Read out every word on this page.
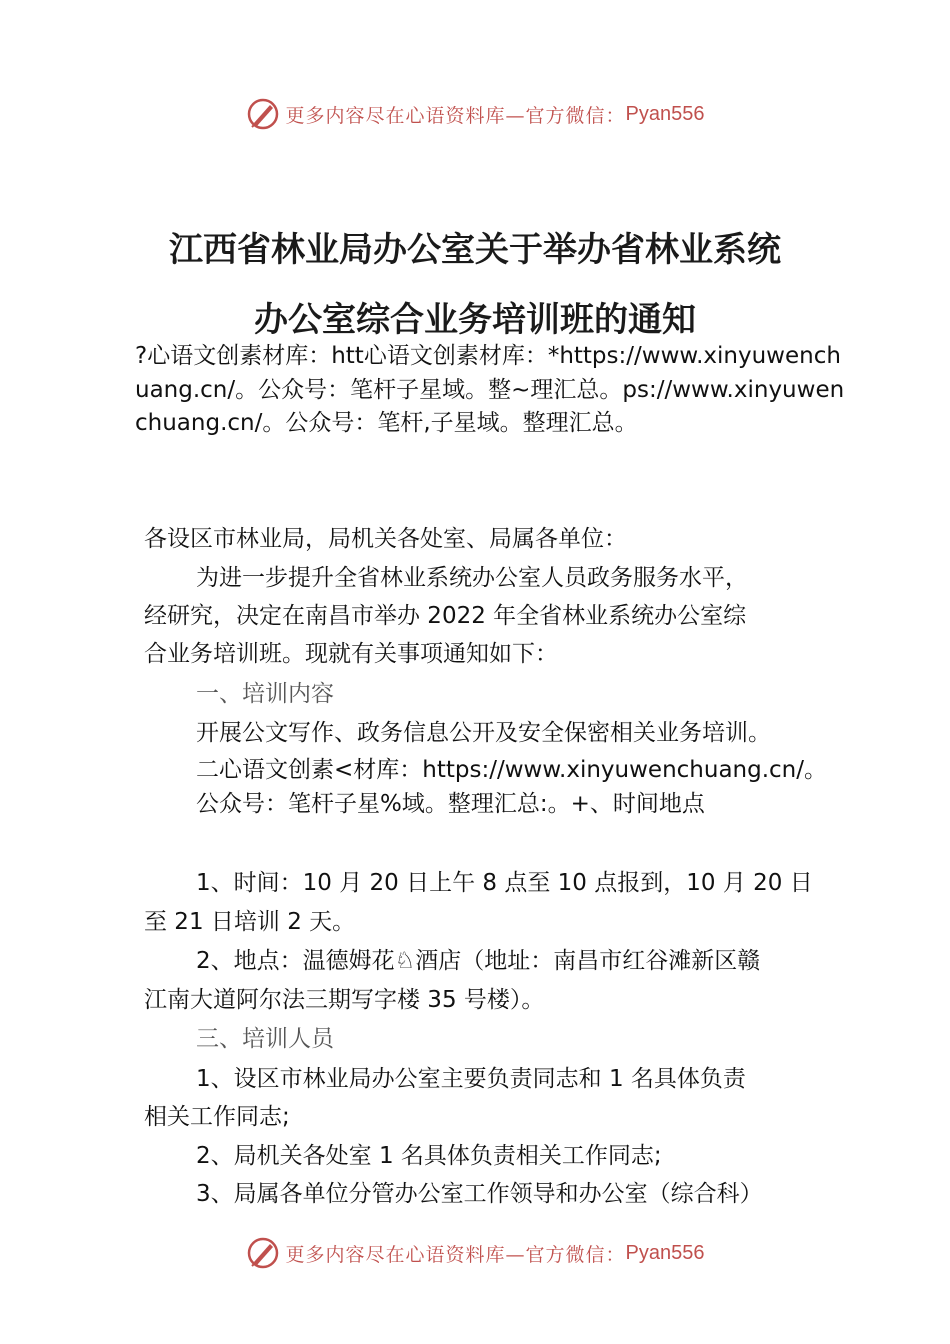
更多内容尽在心语资料库—官方微信： Pyan556
江西省林业局办公室关于举办省林业系统
办公室综合业务培训班的通知
?心语文创素材库：htt心语文创素材库：*https://www.xinyuwenchuang.cn/。公众号：笔杆子星域。整~理汇总。ps://www.xinyuwenchuang.cn/。公众号：笔杆,子星域。整理汇总。
各设区市林业局，局机关各处室、局属各单位：
为进一步提升全省林业系统办公室人员政务服务水平，
经研究，决定在南昌市举办 2022 年全省林业系统办公室综
合业务培训班。现就有关事项通知如下：
一、培训内容
开展公文写作、政务信息公开及安全保密相关业务培训。
二心语文创素<材库：https://www.xinyuwenchuang.cn/。公众号：笔杆子星%域。整理汇总:。+、时间地点
1、时间：10 月 20 日上午 8 点至 10 点报到，10 月 20 日
至 21 日培训 2 天。
2、地点：温德姆花♘酒店（地址：南昌市红谷滩新区赣
江南大道阿尔法三期写字楼 35 号楼）。
三、培训人员
1、设区市林业局办公室主要负责同志和 1 名具体负责
相关工作同志;
2、局机关各处室 1 名具体负责相关工作同志;
3、局属各单位分管办公室工作领导和办公室（综合科）
更多内容尽在心语资料库—官方微信： Pyan556
